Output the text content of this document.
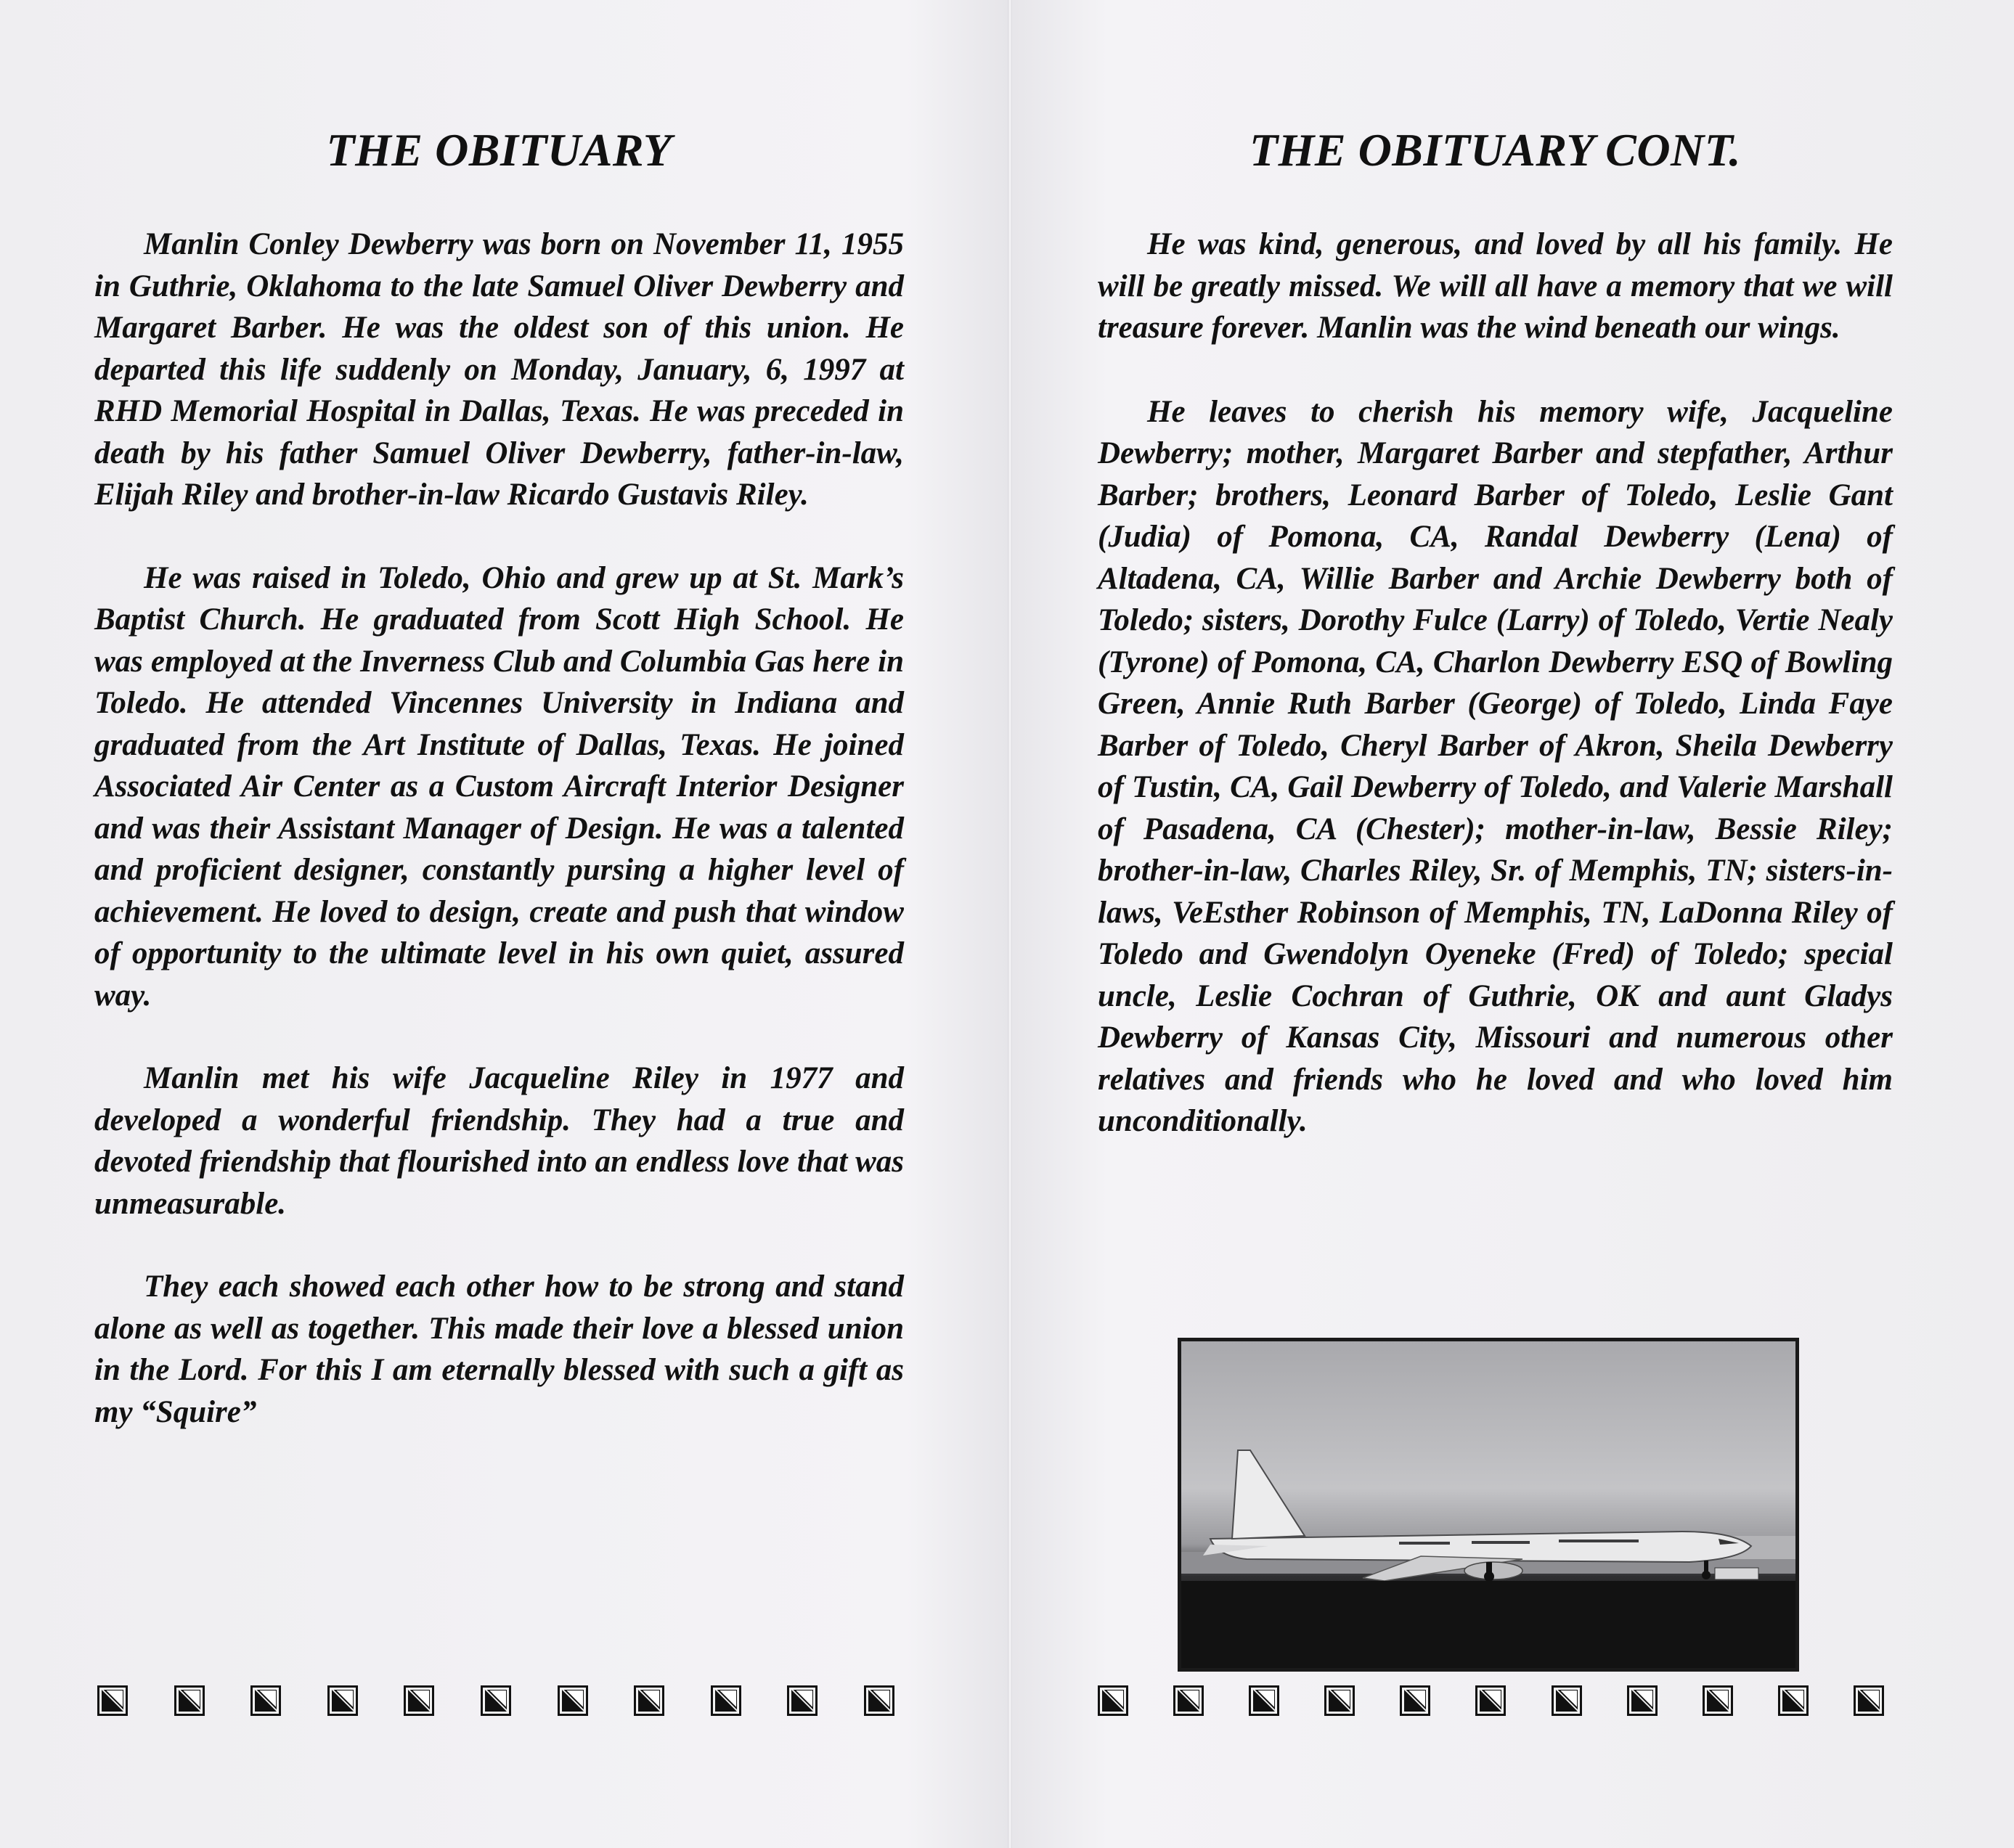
THE OBITUARY

Manlin Conley Dewberry was born on November 11, 1955 in Guthrie, Oklahoma to the late Samuel Oliver Dewberry and Margaret Barber. He was the oldest son of this union. He departed this life suddenly on Monday, January, 6, 1997 at RHD Memorial Hospital in Dallas, Texas. He was preceded in death by his father Samuel Oliver Dewberry, father-in-law, Elijah Riley and brother-in-law Ricardo Gustavis Riley.

He was raised in Toledo, Ohio and grew up at St. Mark’s Baptist Church. He graduated from Scott High School. He was employed at the Inverness Club and Columbia Gas here in Toledo. He attended Vincennes University in Indiana and graduated from the Art Institute of Dallas, Texas. He joined Associated Air Center as a Custom Aircraft Interior Designer and was their Assistant Manager of Design. He was a talented and proficient designer, constantly pursing a higher level of achievement. He loved to design, create and push that window of opportunity to the ultimate level in his own quiet, assured way.

Manlin met his wife Jacqueline Riley in 1977 and developed a wonderful friendship. They had a true and devoted friendship that flourished into an endless love that was unmeasurable.

They each showed each other how to be strong and stand alone as well as together. This made their love a blessed union in the Lord. For this I am eternally blessed with such a gift as my “Squire”

THE OBITUARY CONT.

He was kind, generous, and loved by all his family. He will be greatly missed. We will all have a memory that we will treasure forever. Manlin was the wind beneath our wings.

He leaves to cherish his memory wife, Jacqueline Dewberry; mother, Margaret Barber and stepfather, Arthur Barber; brothers, Leonard Barber of Toledo, Leslie Gant (Judia) of Pomona, CA, Randal Dewberry (Lena) of Altadena, CA, Willie Barber and Archie Dewberry both of Toledo; sisters, Dorothy Fulce (Larry) of Toledo, Vertie Nealy (Tyrone) of Pomona, CA, Charlon Dewberry ESQ of Bowling Green, Annie Ruth Barber (George) of Toledo, Linda Faye Barber of Toledo, Cheryl Barber of Akron, Sheila Dewberry of Tustin, CA, Gail Dewberry of Toledo, and Valerie Marshall of Pasadena, CA (Chester); mother-in-law, Bessie Riley; brother-in-law, Charles Riley, Sr. of Memphis, TN; sisters-in-laws, VeEsther Robinson of Memphis, TN, LaDonna Riley of Toledo and Gwendolyn Oyeneke (Fred) of Toledo; special uncle, Leslie Cochran of Guthrie, OK and aunt Gladys Dewberry of Kansas City, Missouri and numerous other relatives and friends who he loved and who loved him unconditionally.
